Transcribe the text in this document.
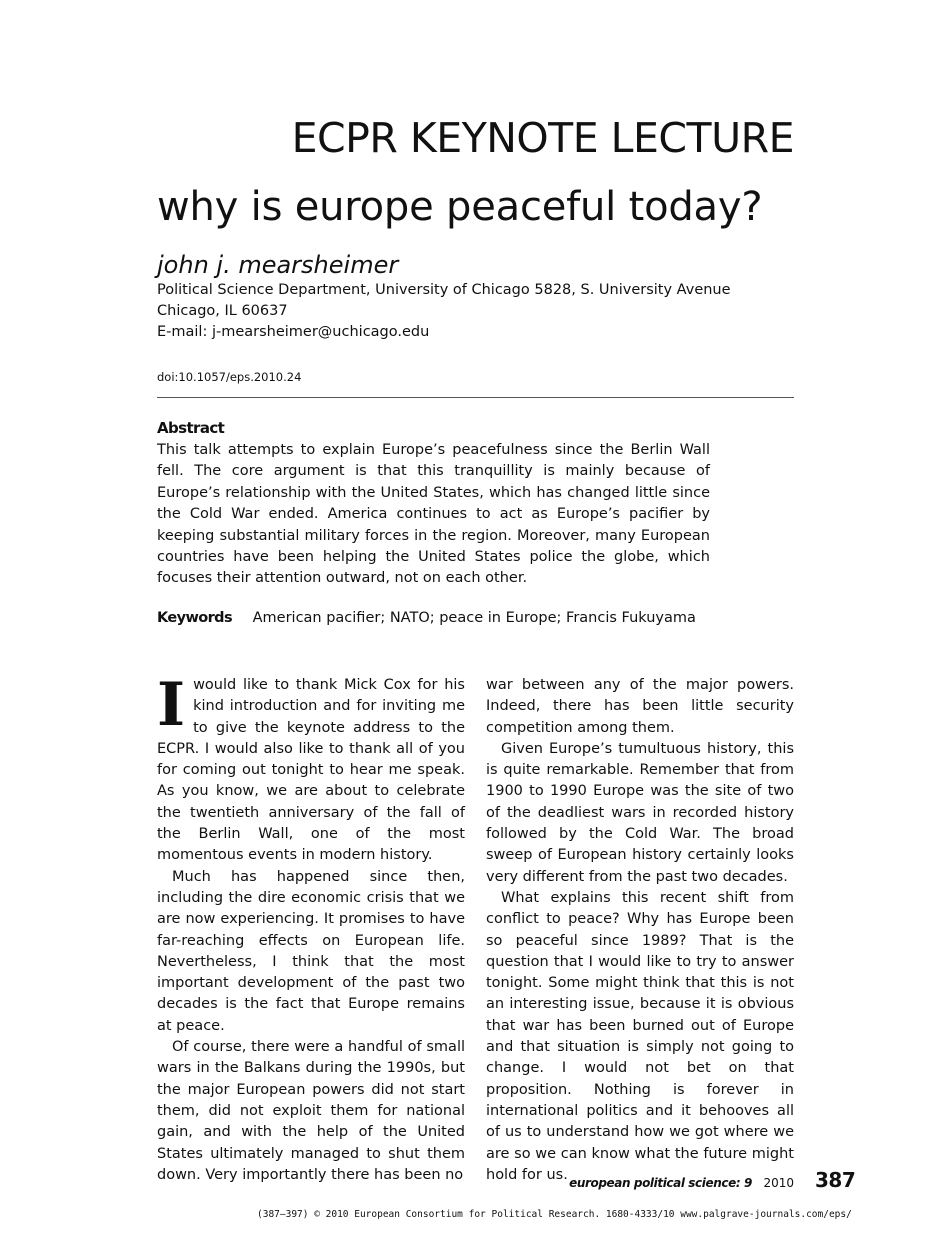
ECPR KEYNOTE LECTURE
why is europe peaceful today?
john j. mearsheimer
Political Science Department, University of Chicago 5828, S. University Avenue
Chicago, IL 60637
E-mail: j-mearsheimer@uchicago.edu
doi:10.1057/eps.2010.24
Abstract
This talk attempts to explain Europe’s peacefulness since the Berlin Wall fell. The core argument is that this tranquillity is mainly because of Europe’s relationship with the United States, which has changed little since the Cold War ended. America continues to act as Europe’s pacifier by keeping substantial military forces in the region. Moreover, many European countries have been helping the United States police the globe, which focuses their attention outward, not on each other.
Keywords American pacifier; NATO; peace in Europe; Francis Fukuyama

Iwould like to thank Mick Cox for his kind introduction and for inviting me to give the keynote address to the ECPR. I would also like to thank all of you for coming out tonight to hear me speak. As you know, we are about to celebrate the twentieth anniversary of the fall of the Berlin Wall, one of the most momentous events in modern history.

Much has happened since then, including the dire economic crisis that we are now experiencing. It promises to have far-reaching effects on European life. Nevertheless, I think that the most important development of the past two decades is the fact that Europe remains at peace.

Of course, there were a handful of small wars in the Balkans during the 1990s, but the major European powers did not start them, did not exploit them for national gain, and with the help of the United States ultimately managed to shut them down. Very importantly there has been no

war between any of the major powers. Indeed, there has been little security competition among them.

Given Europe’s tumultuous history, this is quite remarkable. Remember that from 1900 to 1990 Europe was the site of two of the deadliest wars in recorded history followed by the Cold War. The broad sweep of European history certainly looks very different from the past two decades.

What explains this recent shift from conflict to peace? Why has Europe been so peaceful since 1989? That is the question that I would like to try to answer tonight. Some might think that this is not an interesting issue, because it is obvious that war has been burned out of Europe and that situation is simply not going to change. I would not bet on that proposition. Nothing is forever in international politics and it behooves all of us to understand how we got where we are so we can know what the future might hold for us.

european political science: 9 2010 387
(387–397) © 2010 European Consortium for Political Research. 1680-4333/10 www.palgrave-journals.com/eps/
